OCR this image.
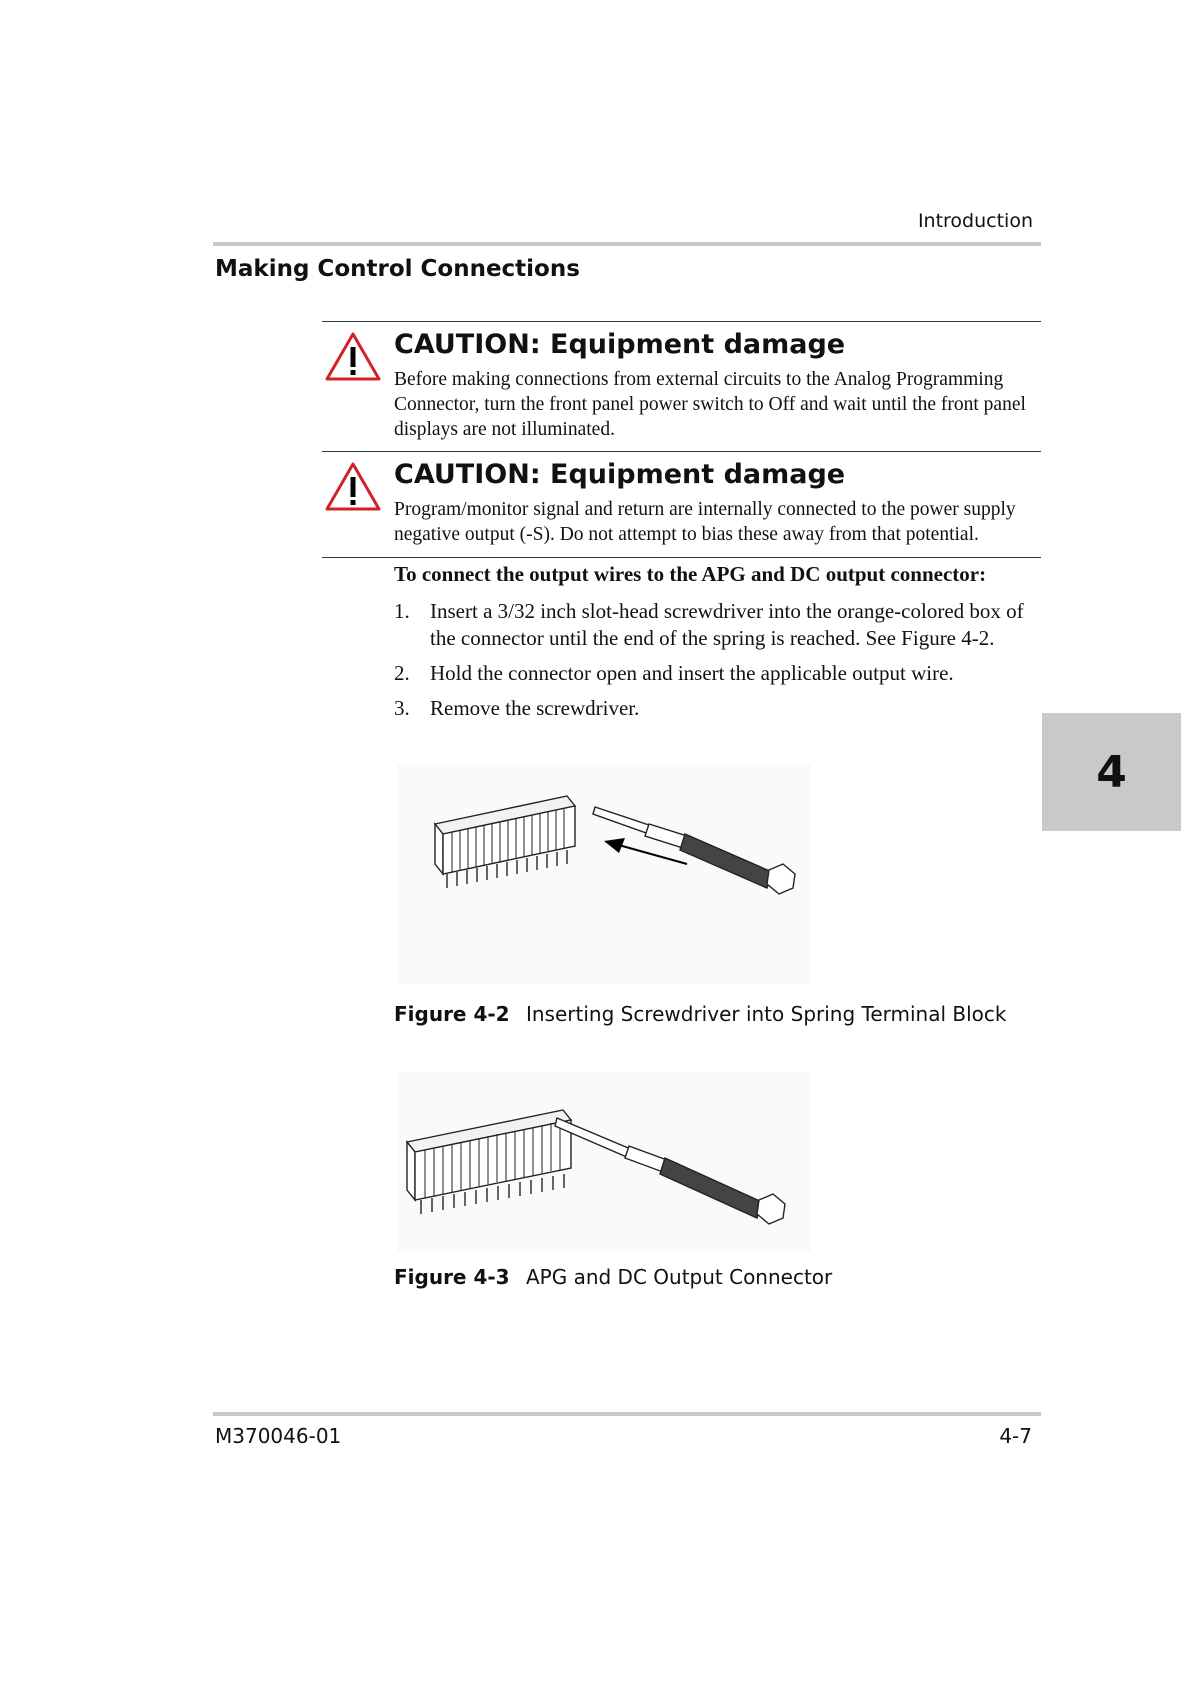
Introduction
Making Control Connections
CAUTION: Equipment damage
Before making connections from external circuits to the Analog Programming Connector, turn the front panel power switch to Off and wait until the front panel displays are not illuminated.
CAUTION: Equipment damage
Program/monitor signal and return are internally connected to the power supply negative output (-S). Do not attempt to bias these away from that potential.
To connect the output wires to the APG and DC output connector:
1. Insert a 3/32 inch slot-head screwdriver into the orange-colored box of the connector until the end of the spring is reached. See Figure 4-2.
2. Hold the connector open and insert the applicable output wire.
3. Remove the screwdriver.
Figure 4-2 Inserting Screwdriver into Spring Terminal Block
Figure 4-3 APG and DC Output Connector
4
M370046-01	4-7
